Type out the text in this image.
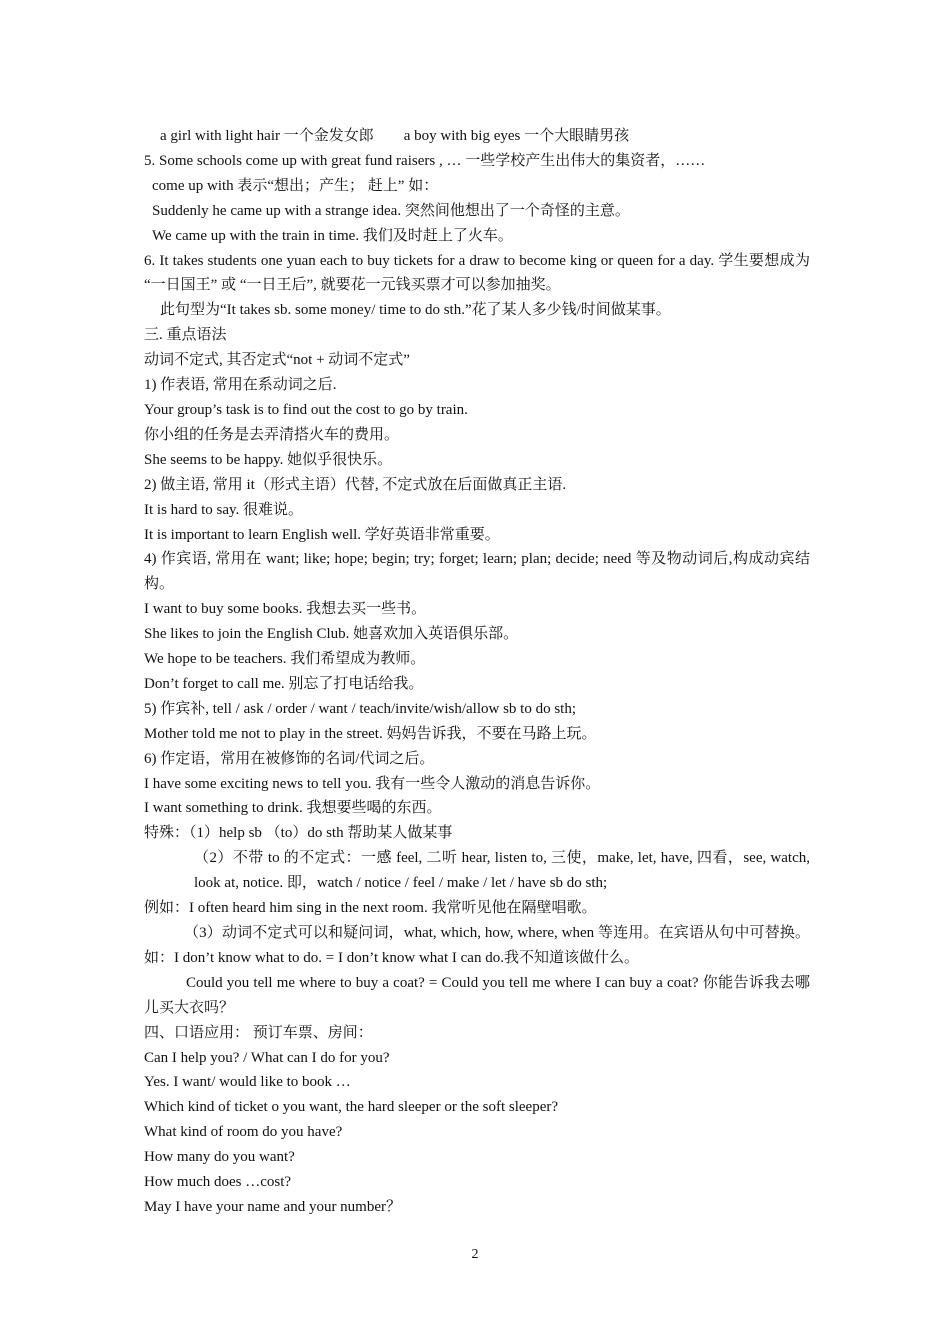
a girl with light hair 一个金发女郎 a boy with big eyes 一个大眼睛男孩
5. Some schools come up with great fund raisers , … 一些学校产生出伟大的集资者，……
come up with 表示“想出；产生； 赶上” 如：
Suddenly he came up with a strange idea. 突然间他想出了一个奇怪的主意。
We came up with the train in time. 我们及时赶上了火车。
6. It takes students one yuan each to buy tickets for a draw to become king or queen for a day. 学生要想成为 “一日国王” 或 “一日王后”, 就要花一元钱买票才可以参加抽奖。
此句型为“It takes sb. some money/ time to do sth.”花了某人多少钱/时间做某事。
三. 重点语法
动词不定式, 其否定式“not + 动词不定式”
1) 作表语, 常用在系动词之后.
Your group’s task is to find out the cost to go by train.
你小组的任务是去弄清搭火车的费用。
She seems to be happy. 她似乎很快乐。
2) 做主语, 常用 it（形式主语）代替, 不定式放在后面做真正主语.
It is hard to say. 很难说。
It is important to learn English well. 学好英语非常重要。
4) 作宾语, 常用在 want; like; hope; begin; try; forget; learn; plan; decide; need 等及物动词后,构成动宾结构。
I want to buy some books. 我想去买一些书。
She likes to join the English Club. 她喜欢加入英语俱乐部。
We hope to be teachers. 我们希望成为教师。
Don’t forget to call me. 别忘了打电话给我。
5) 作宾补, tell / ask / order / want / teach/invite/wish/allow sb to do sth;
Mother told me not to play in the street. 妈妈告诉我，不要在马路上玩。
6) 作定语，常用在被修饰的名词/代词之后。
I have some exciting news to tell you. 我有一些令人激动的消息告诉你。
I want something to drink. 我想要些喝的东西。
特殊：（1）help sb （to）do sth 帮助某人做某事
（2）不带 to 的不定式：一感 feel, 二听 hear, listen to, 三使，make, let, have, 四看，see, watch, look at, notice. 即，watch / notice / feel / make / let / have sb do sth;
例如：I often heard him sing in the next room. 我常听见他在隔壁唱歌。
（3）动词不定式可以和疑问词，what, which, how, where, when 等连用。在宾语从句中可替换。如：I don’t know what to do. = I don’t know what I can do.我不知道该做什么。
Could you tell me where to buy a coat? = Could you tell me where I can buy a coat? 你能告诉我去哪儿买大衣吗？
四、口语应用： 预订车票、房间：
Can I help you? / What can I do for you?
Yes. I want/ would like to book …
Which kind of ticket o you want, the hard sleeper or the soft sleeper?
What kind of room do you have?
How many do you want?
How much does …cost?
May I have your name and your number？
2
